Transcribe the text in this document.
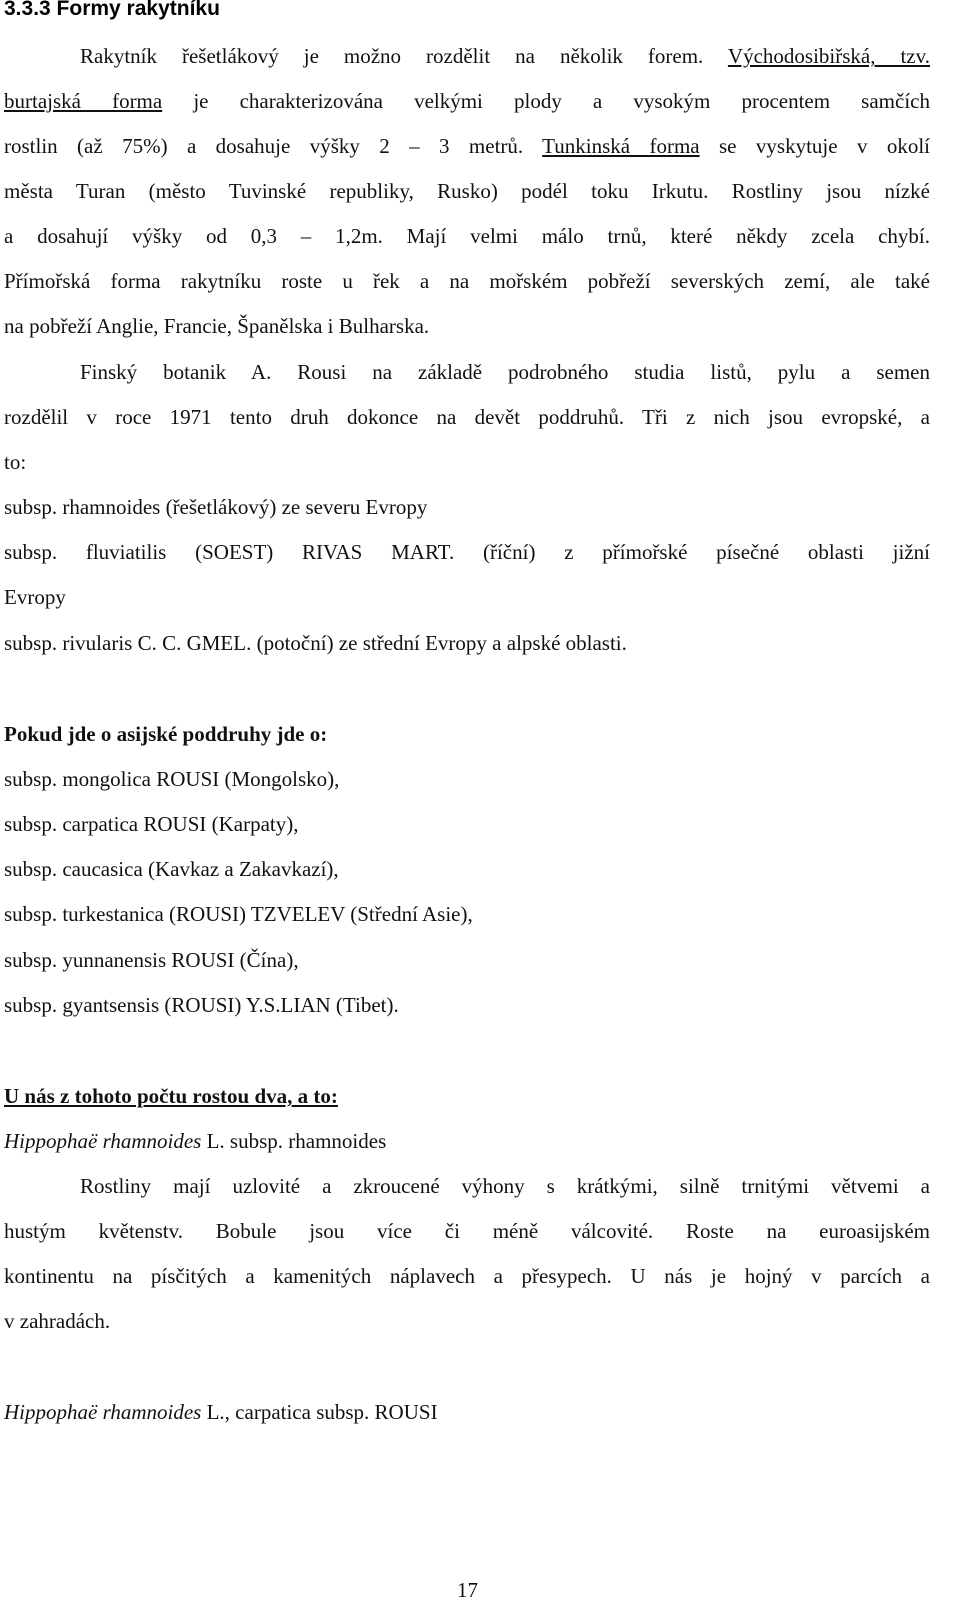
3.3.3 Formy rakytníku
Rakytník řešetlákový je možno rozdělit na několik forem. Východosibiřská, tzv.
burtajská forma je charakterizována velkými plody a vysokým procentem samčích
rostlin (až 75%) a dosahuje výšky 2 – 3 metrů. Tunkinská forma se vyskytuje v okolí
města Turan (město Tuvinské republiky, Rusko) podél toku Irkutu. Rostliny jsou nízké
a dosahují výšky od 0,3 – 1,2m. Mají velmi málo trnů, které někdy zcela chybí.
Přímořská forma rakytníku roste u řek a na mořském pobřeží severských zemí, ale také
na pobřeží Anglie, Francie, Španělska i Bulharska.
Finský botanik A. Rousi na základě podrobného studia listů, pylu a semen
rozdělil v roce 1971 tento druh dokonce na devět poddruhů. Tři z nich jsou evropské, a
to:
subsp. rhamnoides (řešetlákový) ze severu Evropy
subsp. fluviatilis (SOEST) RIVAS MART. (říční) z přímořské písečné oblasti jižní
Evropy
subsp. rivularis C. C. GMEL. (potoční) ze střední Evropy a alpské oblasti.
Pokud jde o asijské poddruhy jde o:
subsp. mongolica ROUSI (Mongolsko),
subsp. carpatica ROUSI (Karpaty),
subsp. caucasica (Kavkaz a Zakavkazí),
subsp. turkestanica (ROUSI) TZVELEV (Střední Asie),
subsp. yunnanensis ROUSI (Čína),
subsp. gyantsensis (ROUSI) Y.S.LIAN (Tibet).
U nás z tohoto počtu rostou dva, a to:
Hippophaë rhamnoides L. subsp. rhamnoides
Rostliny mají uzlovité a zkroucené výhony s krátkými, silně trnitými větvemi a
hustým květenstv. Bobule jsou více či méně válcovité. Roste na euroasijském
kontinentu na písčitých a kamenitých náplavech a přesypech. U nás je hojný v parcích a
v zahradách.
Hippophaë rhamnoides L., carpatica subsp. ROUSI
17
